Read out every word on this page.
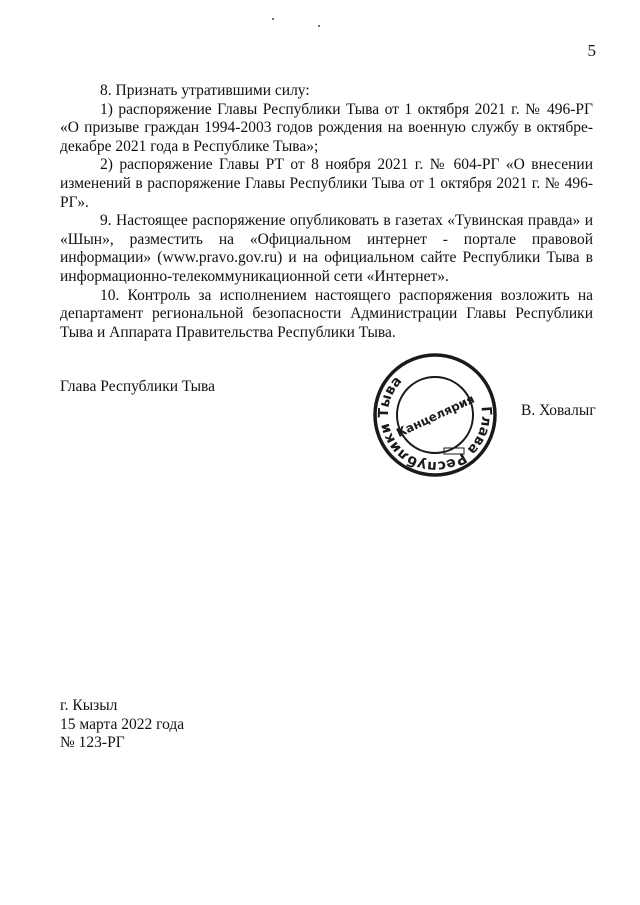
5

8. Признать утратившими силу:

1) распоряжение Главы Республики Тыва от 1 октября 2021 г. № 496-РГ «О призыве граждан 1994-2003 годов рождения на военную службу в октябре-декабре 2021 года в Республике Тыва»;

2) распоряжение Главы РТ от 8 ноября 2021 г. № 604-РГ «О внесении изменений в распоряжение Главы Республики Тыва от 1 октября 2021 г. № 496-РГ».

9. Настоящее распоряжение опубликовать в газетах «Тувинская правда» и «Шын», разместить на «Официальном интернет - портале правовой информации» (www.pravo.gov.ru) и на официальном сайте Республики Тыва в информационно-телекоммуникационной сети «Интернет».

10. Контроль за исполнением настоящего распоряжения возложить на департамент региональной безопасности Администрации Главы Республики Тыва и Аппарата Правительства Республики Тыва.

Глава Республики Тыва
Глава Республики Тыва
Канцелярия	В. Ховалыг
г. Кызыл
15 марта 2022 года
№ 123-РГ
